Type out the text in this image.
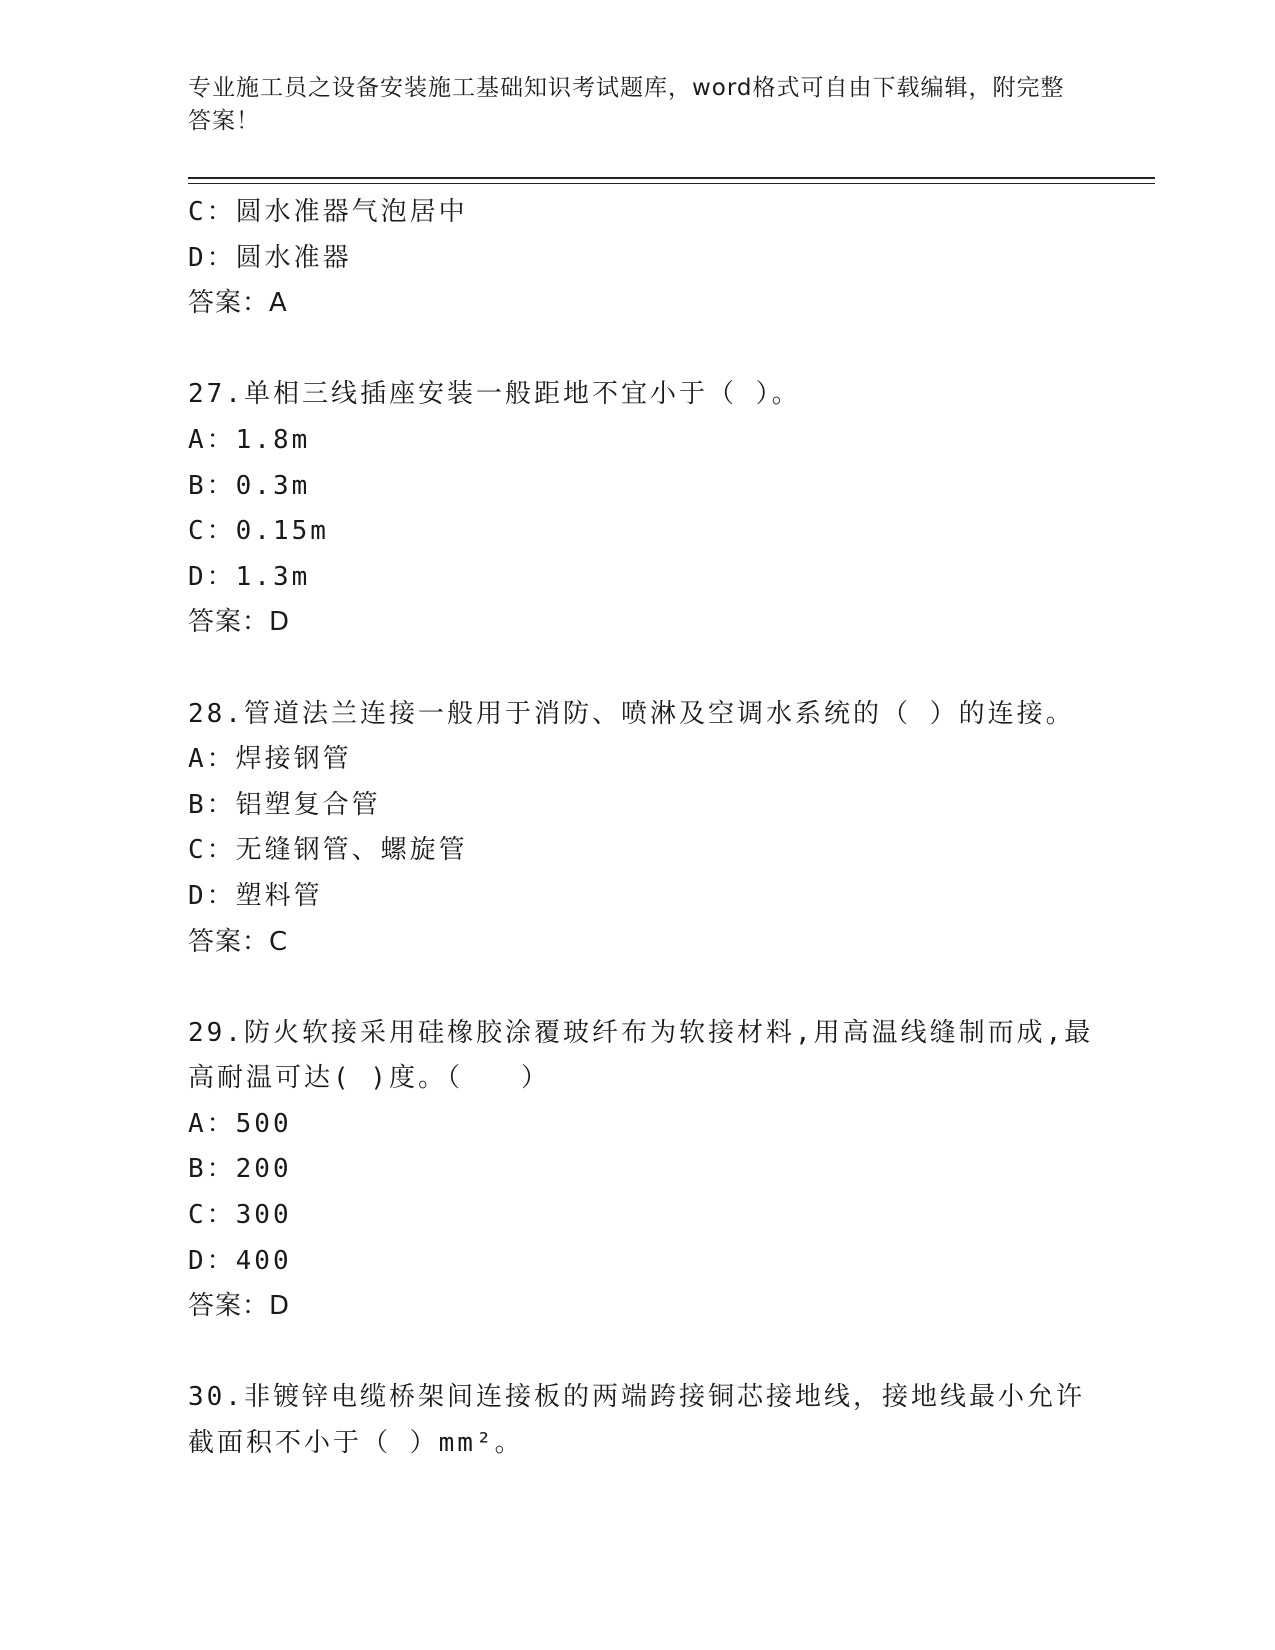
专业施工员之设备安装施工基础知识考试题库，word格式可自由下载编辑，附完整答案！
C：圆水准器气泡居中
D：圆水准器
答案：A
27.单相三线插座安装一般距地不宜小于（ ）。
A：1.8m
B：0.3m
C：0.15m
D：1.3m
答案：D
28.管道法兰连接一般用于消防、喷淋及空调水系统的（ ）的连接。
A：焊接钢管
B：铝塑复合管
C：无缝钢管、螺旋管
D：塑料管
答案：C
29.防火软接采用硅橡胶涂覆玻纤布为软接材料,用高温线缝制而成,最
高耐温可达( )度。（　　）
A：500
B：200
C：300
D：400
答案：D
30.非镀锌电缆桥架间连接板的两端跨接铜芯接地线，接地线最小允许
截面积不小于（ ）mm²。
